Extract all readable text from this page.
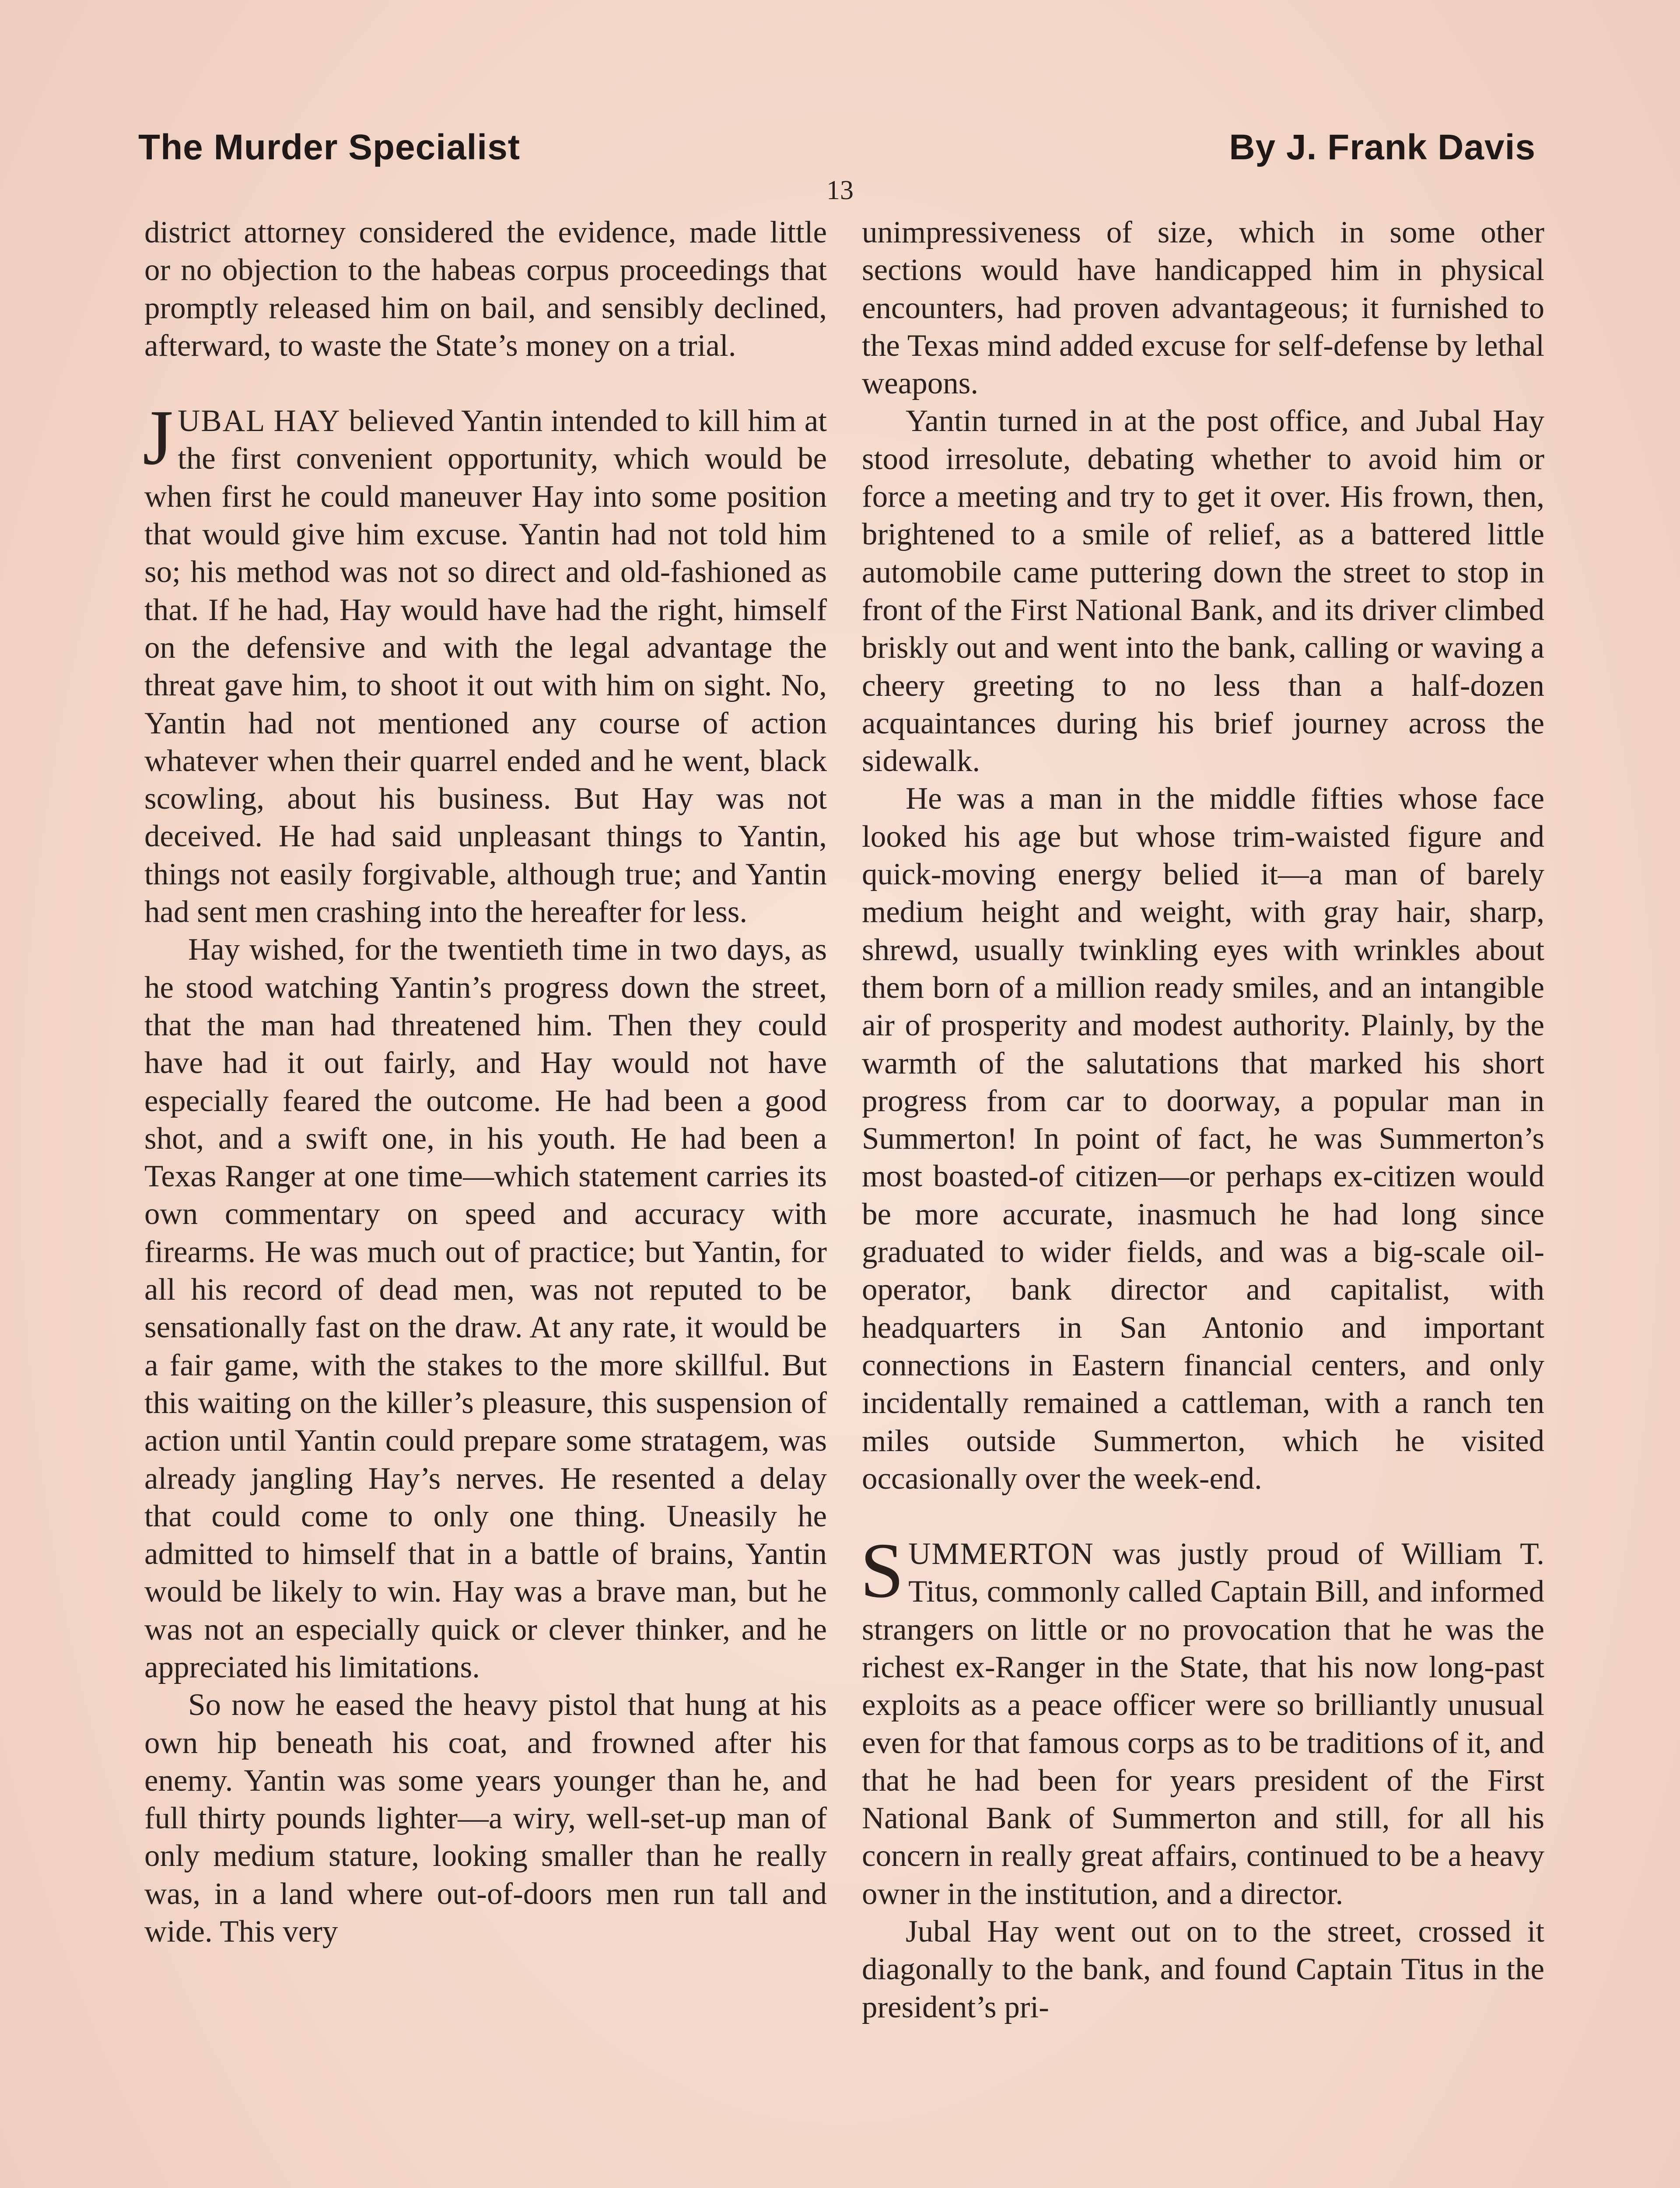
The Murder Specialist	By J. Frank Davis
13

district attorney considered the evidence, made little or no objection to the habeas corpus proceedings that promptly released him on bail, and sensibly declined, afterward, to waste the State’s money on a trial.

JUBAL HAY believed Yantin intended to kill him at the first convenient opportunity, which would be when first he could maneuver Hay into some position that would give him excuse. Yantin had not told him so; his method was not so direct and old-fashioned as that. If he had, Hay would have had the right, himself on the defensive and with the legal advantage the threat gave him, to shoot it out with him on sight. No, Yantin had not mentioned any course of action whatever when their quarrel ended and he went, black scowling, about his business. But Hay was not deceived. He had said unpleasant things to Yantin, things not easily forgivable, although true; and Yantin had sent men crashing into the hereafter for less.

Hay wished, for the twentieth time in two days, as he stood watching Yantin’s progress down the street, that the man had threatened him. Then they could have had it out fairly, and Hay would not have especially feared the outcome. He had been a good shot, and a swift one, in his youth. He had been a Texas Ranger at one time—which statement carries its own commentary on speed and accuracy with firearms. He was much out of practice; but Yantin, for all his record of dead men, was not reputed to be sensationally fast on the draw. At any rate, it would be a fair game, with the stakes to the more skillful. But this waiting on the killer’s pleasure, this suspension of action until Yantin could prepare some stratagem, was already jangling Hay’s nerves. He resented a delay that could come to only one thing. Uneasily he admitted to himself that in a battle of brains, Yantin would be likely to win. Hay was a brave man, but he was not an especially quick or clever thinker, and he appreciated his limitations.

So now he eased the heavy pistol that hung at his own hip beneath his coat, and frowned after his enemy. Yantin was some years younger than he, and full thirty pounds lighter—a wiry, well-set-up man of only medium stature, looking smaller than he really was, in a land where out-of-doors men run tall and wide. This very

unimpressiveness of size, which in some other sections would have handicapped him in physical encounters, had proven advantageous; it furnished to the Texas mind added excuse for self-defense by lethal weapons.

Yantin turned in at the post office, and Jubal Hay stood irresolute, debating whether to avoid him or force a meeting and try to get it over. His frown, then, brightened to a smile of relief, as a battered little automobile came puttering down the street to stop in front of the First National Bank, and its driver climbed briskly out and went into the bank, calling or waving a cheery greeting to no less than a half-dozen acquaintances during his brief journey across the sidewalk.

He was a man in the middle fifties whose face looked his age but whose trim-waisted figure and quick-moving energy belied it—a man of barely medium height and weight, with gray hair, sharp, shrewd, usually twinkling eyes with wrinkles about them born of a million ready smiles, and an intangible air of prosperity and modest authority. Plainly, by the warmth of the salutations that marked his short progress from car to doorway, a popular man in Summerton! In point of fact, he was Summerton’s most boasted-of citizen—or perhaps ex-citizen would be more accurate, inasmuch he had long since graduated to wider fields, and was a big-scale oil-operator, bank director and capitalist, with headquarters in San Antonio and important connections in Eastern financial centers, and only incidentally remained a cattleman, with a ranch ten miles outside Summerton, which he visited occasionally over the week-end.

SUMMERTON was justly proud of William T. Titus, commonly called Captain Bill, and informed strangers on little or no provocation that he was the richest ex-Ranger in the State, that his now long-past exploits as a peace officer were so brilliantly unusual even for that famous corps as to be traditions of it, and that he had been for years president of the First National Bank of Summerton and still, for all his concern in really great affairs, continued to be a heavy owner in the institution, and a director.

Jubal Hay went out on to the street, crossed it diagonally to the bank, and found Captain Titus in the president’s pri-
